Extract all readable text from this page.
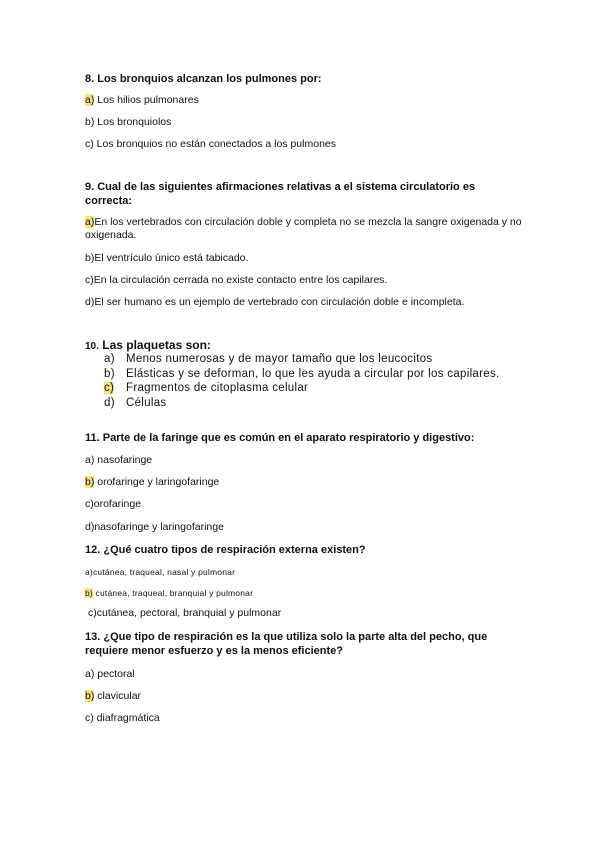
8. Los bronquios alcanzan los pulmones por:

a) Los hilios pulmonares

b) Los bronquiolos

c) Los bronquios no están conectados a los pulmones

9. Cual de las siguientes afirmaciones relativas a el sistema circulatorio es correcta:

a)En los vertebrados con circulación doble y completa no se mezcla la sangre oxigenada y no oxigenada.

b)El ventrículo único está tabicado.

c)En la circulación cerrada no existe contacto entre los capilares.

d)El ser humano es un ejemplo de vertebrado con circulación doble e incompleta.

10. Las plaquetas son:

a) Menos numerosas y de mayor tamaño que los leucocitos
b) Elásticas y se deforman, lo que les ayuda a circular por los capilares.
c) Fragmentos de citoplasma celular
d) Células

11. Parte de la faringe que es común en el aparato respiratorio y digestivo:

a) nasofaringe

b) orofaringe y laringofaringe

c)orofaringe

d)nasofaringe y laringofaringe

12. ¿Qué cuatro tipos de respiración externa existen?

a)cutánea, traqueal, nasal y pulmonar

b) cutánea, traqueal, branquial y pulmonar

c)cutánea, pectoral, branquial y pulmonar

13. ¿Que tipo de respiración es la que utiliza solo la parte alta del pecho, que requiere menor esfuerzo y es la menos eficiente?

a) pectoral

b) clavicular

c) diafragmática
